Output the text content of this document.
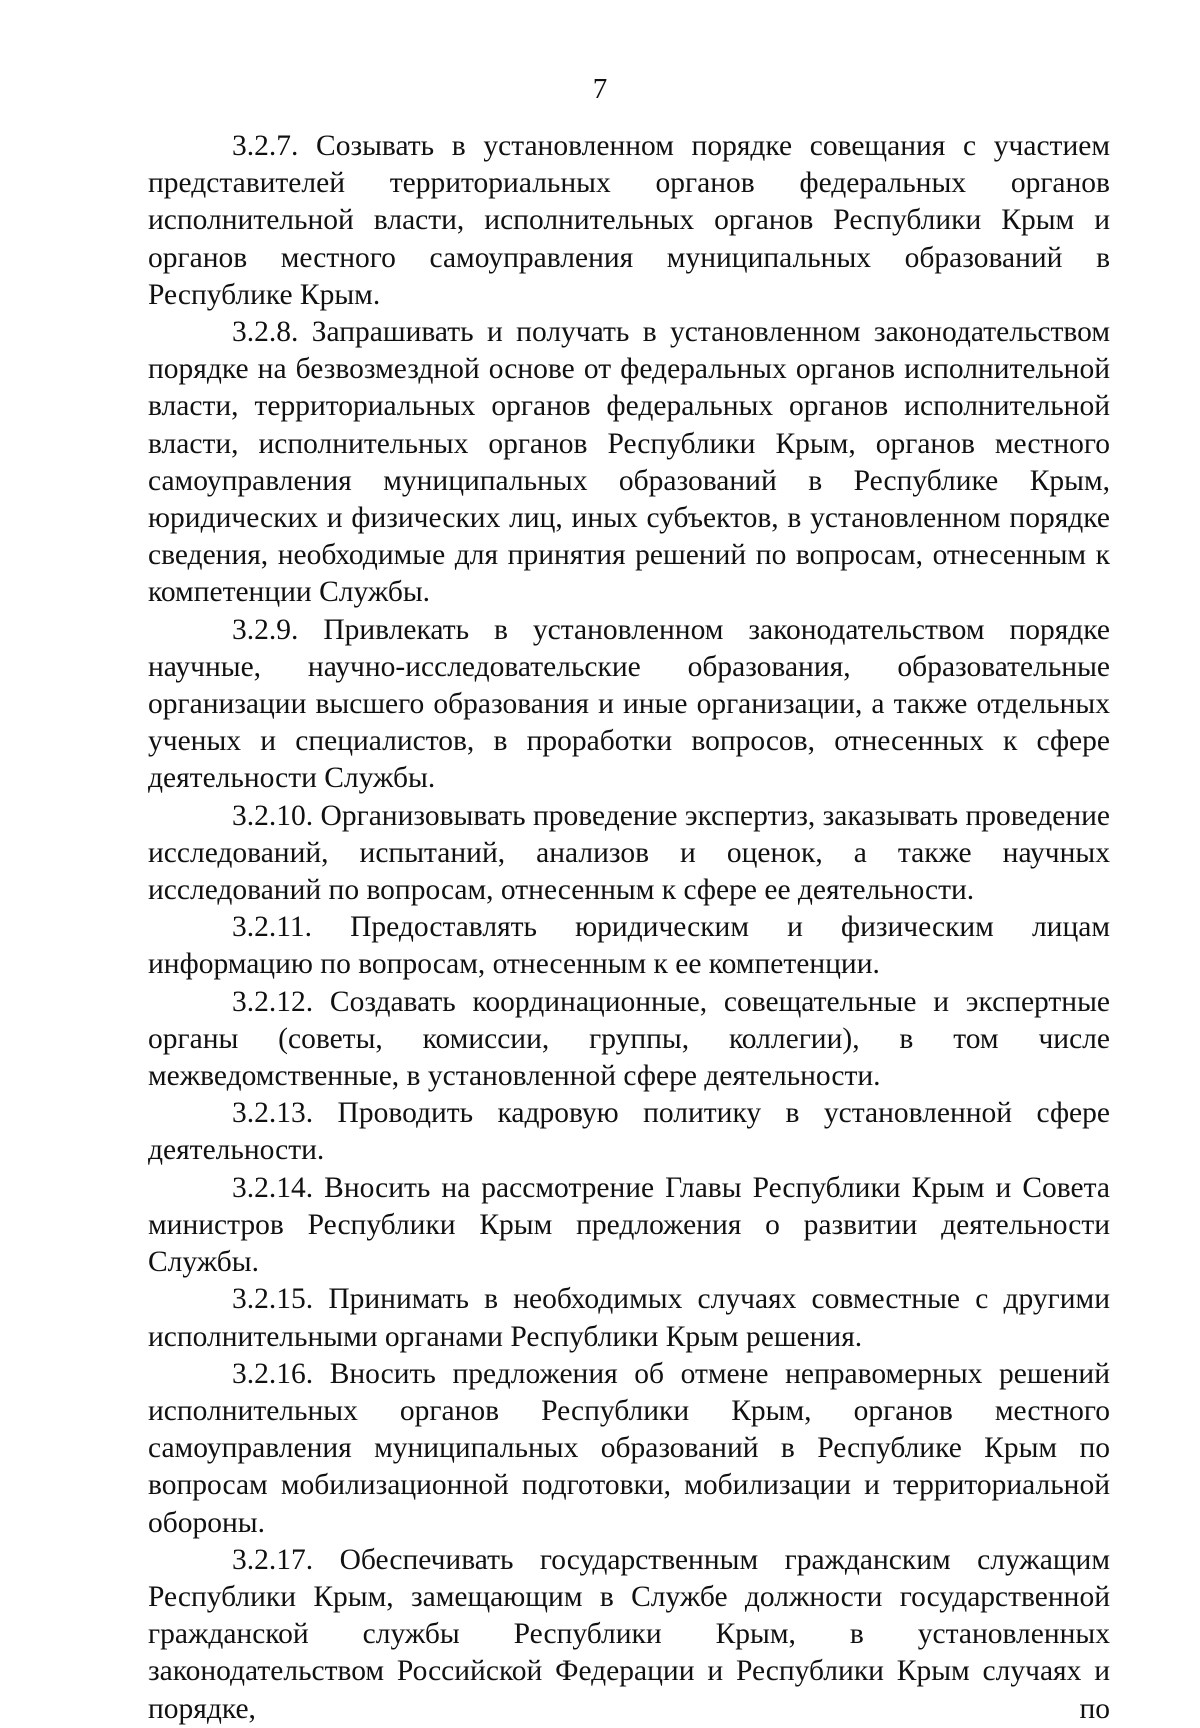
7

3.2.7. Созывать в установленном порядке совещания с участием представителей территориальных органов федеральных органов исполнительной власти, исполнительных органов Республики Крым и органов местного самоуправления муниципальных образований в Республике Крым.

3.2.8. Запрашивать и получать в установленном законодательством порядке на безвозмездной основе от федеральных органов исполнительной власти, территориальных органов федеральных органов исполнительной власти, исполнительных органов Республики Крым, органов местного самоуправления муниципальных образований в Республике Крым, юридических и физических лиц, иных субъектов, в установленном порядке сведения, необходимые для принятия решений по вопросам, отнесенным к компетенции Службы.

3.2.9. Привлекать в установленном законодательством порядке научные, научно-исследовательские образования, образовательные организации высшего образования и иные организации, а также отдельных ученых и специалистов, в проработки вопросов, отнесенных к сфере деятельности Службы.

3.2.10. Организовывать проведение экспертиз, заказывать проведение исследований, испытаний, анализов и оценок, а также научных исследований по вопросам, отнесенным к сфере ее деятельности.

3.2.11. Предоставлять юридическим и физическим лицам информацию по вопросам, отнесенным к ее компетенции.

3.2.12. Создавать координационные, совещательные и экспертные органы (советы, комиссии, группы, коллегии), в том числе межведомственные, в установленной сфере деятельности.

3.2.13. Проводить кадровую политику в установленной сфере деятельности.

3.2.14. Вносить на рассмотрение Главы Республики Крым и Совета министров Республики Крым предложения о развитии деятельности Службы.

3.2.15. Принимать в необходимых случаях совместные с другими исполнительными органами Республики Крым решения.

3.2.16. Вносить предложения об отмене неправомерных решений исполнительных органов Республики Крым, органов местного самоуправления муниципальных образований в Республике Крым по вопросам мобилизационной подготовки, мобилизации и территориальной обороны.

3.2.17. Обеспечивать государственным гражданским служащим Республики Крым, замещающим в Службе должности государственной гражданской службы Республики Крым, в установленных законодательством Российской Федерации и Республики Крым случаях и порядке, по
